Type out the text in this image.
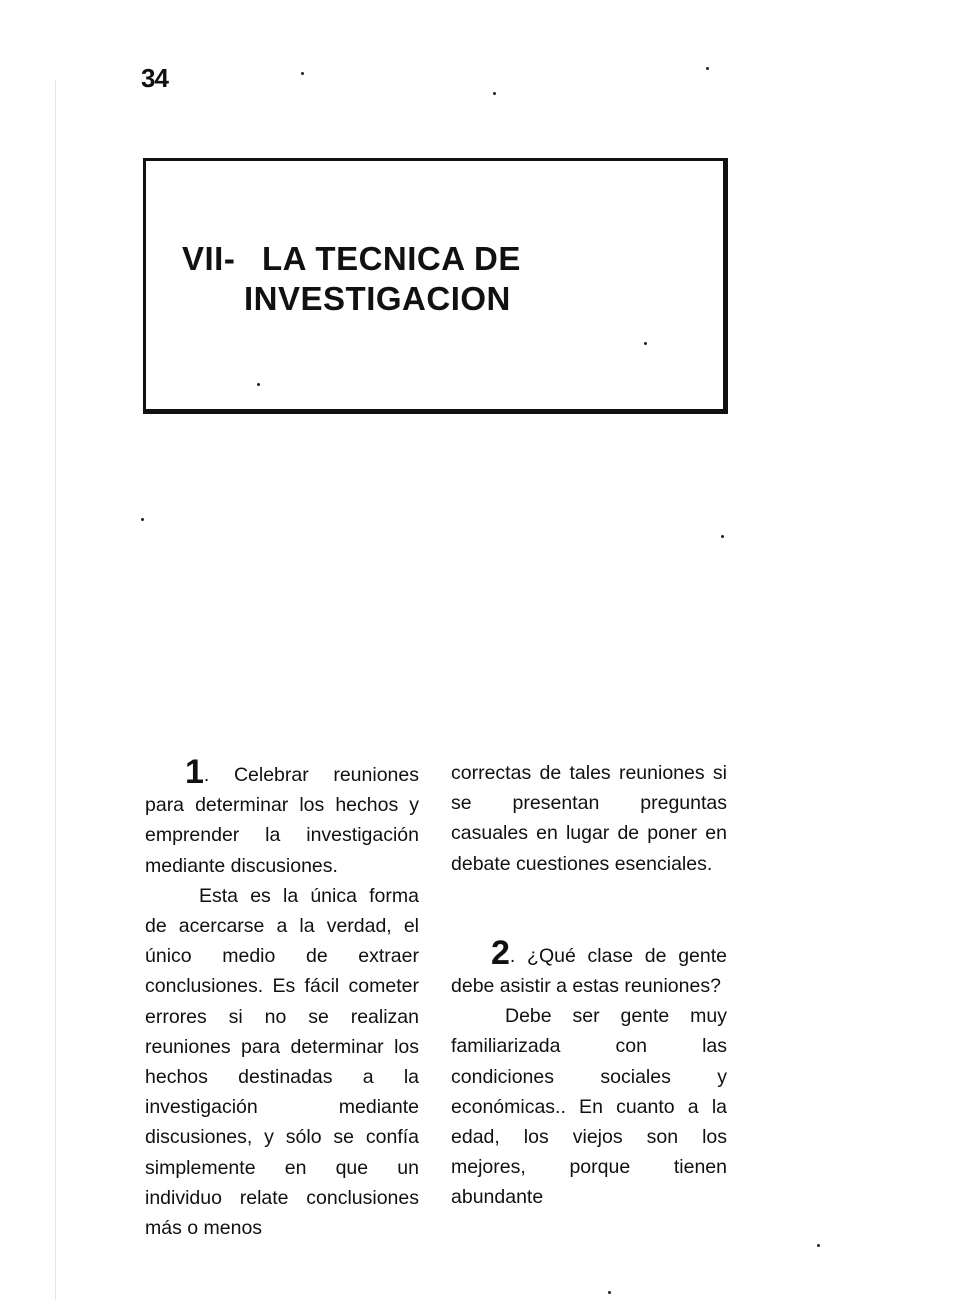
34
VII- LA TECNICA DE
INVESTIGACION

1. Celebrar reuniones para determinar los hechos y emprender la investigación mediante discusiones.

Esta es la única forma de acercarse a la verdad, el único medio de extraer conclusiones. Es fácil cometer errores si no se realizan reuniones para determinar los hechos destinadas a la investigación mediante discusiones, y sólo se confía simplemente en que un individuo relate conclusiones más o menos

correctas de tales reuniones si se presentan preguntas casuales en lugar de poner en debate cuestiones esenciales.

2. ¿Qué clase de gente debe asistir a estas reuniones?

Debe ser gente muy familiarizada con las condiciones sociales y económicas.. En cuanto a la edad, los viejos son los mejores, porque tienen abundante
